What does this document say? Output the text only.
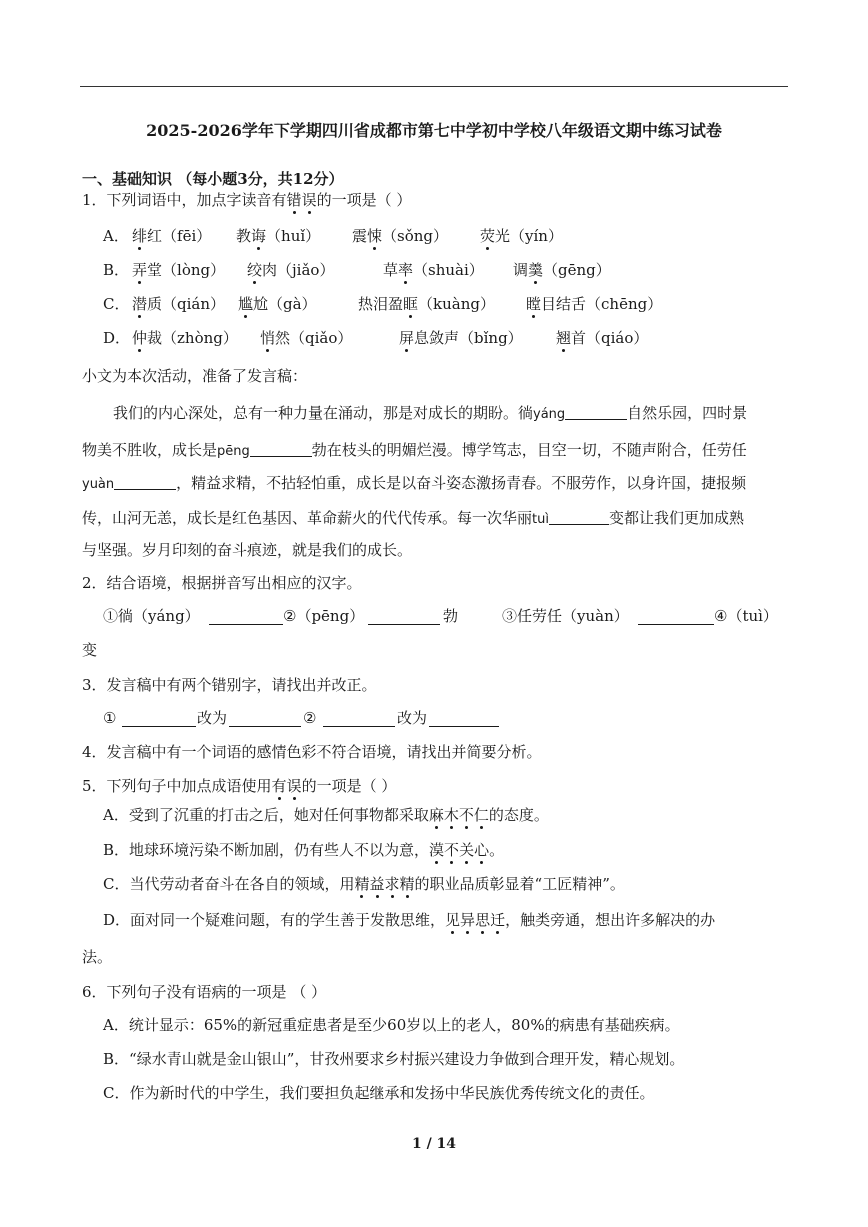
2025-2026学年下学期四川省成都市第七中学初中学校八年级语文期中练习试卷
一、基础知识 （每小题3分，共12分）
1．下列词语中，加点字读音有错误的一项是（ ）
A． 绯红（fēi） 教诲（huǐ） 震悚（sǒng） 荧光（yín）
B． 弄堂（lòng） 绞肉（jiǎo）	草率（shuài） 调羹（gēng）
C． 潜质（qián） 尴尬（gà）	热泪盈眶（kuàng） 瞠目结舌（chēng）
D． 仲裁（zhòng） 悄然（qiǎo）	屏息敛声（bǐng） 翘首（qiáo）
小文为本次活动，准备了发言稿：
我们的内心深处，总有一种力量在涌动，那是对成长的期盼。徜yáng	自然乐园，四时景
物美不胜收，成长是pēng	勃在枝头的明媚烂漫。博学笃志，目空一切，不随声附合，任劳任
yuàn	，精益求精，不拈轻怕重，成长是以奋斗姿态激扬青春。不服劳作，以身许国，捷报频
传，山河无恙，成长是红色基因、革命薪火的代代传承。每一次华丽tuì	变都让我们更加成熟
与坚强。岁月印刻的奋斗痕迹，就是我们的成长。
2．结合语境，根据拼音写出相应的汉字。
①徜（yáng）	②（pēng）	勃	③任劳任（yuàn）	④（tuì）
变
3．发言稿中有两个错别字，请找出并改正。
①	改为	②	改为
4．发言稿中有一个词语的感情色彩不符合语境，请找出并简要分析。
5．下列句子中加点成语使用有误的一项是（ ）
A．受到了沉重的打击之后，她对任何事物都采取麻木不仁的态度。
B．地球环境污染不断加剧，仍有些人不以为意，漠不关心。
C．当代劳动者奋斗在各自的领域，用精益求精的职业品质彰显着“工匠精神”。
D．面对同一个疑难问题，有的学生善于发散思维，见异思迁，触类旁通，想出许多解决的办
法。
6．下列句子没有语病的一项是 （ ）
A．统计显示：65%的新冠重症患者是至少60岁以上的老人，80%的病患有基础疾病。
B．“绿水青山就是金山银山”，甘孜州要求乡村振兴建设力争做到合理开发，精心规划。
C．作为新时代的中学生，我们要担负起继承和发扬中华民族优秀传统文化的责任。
1 / 14
